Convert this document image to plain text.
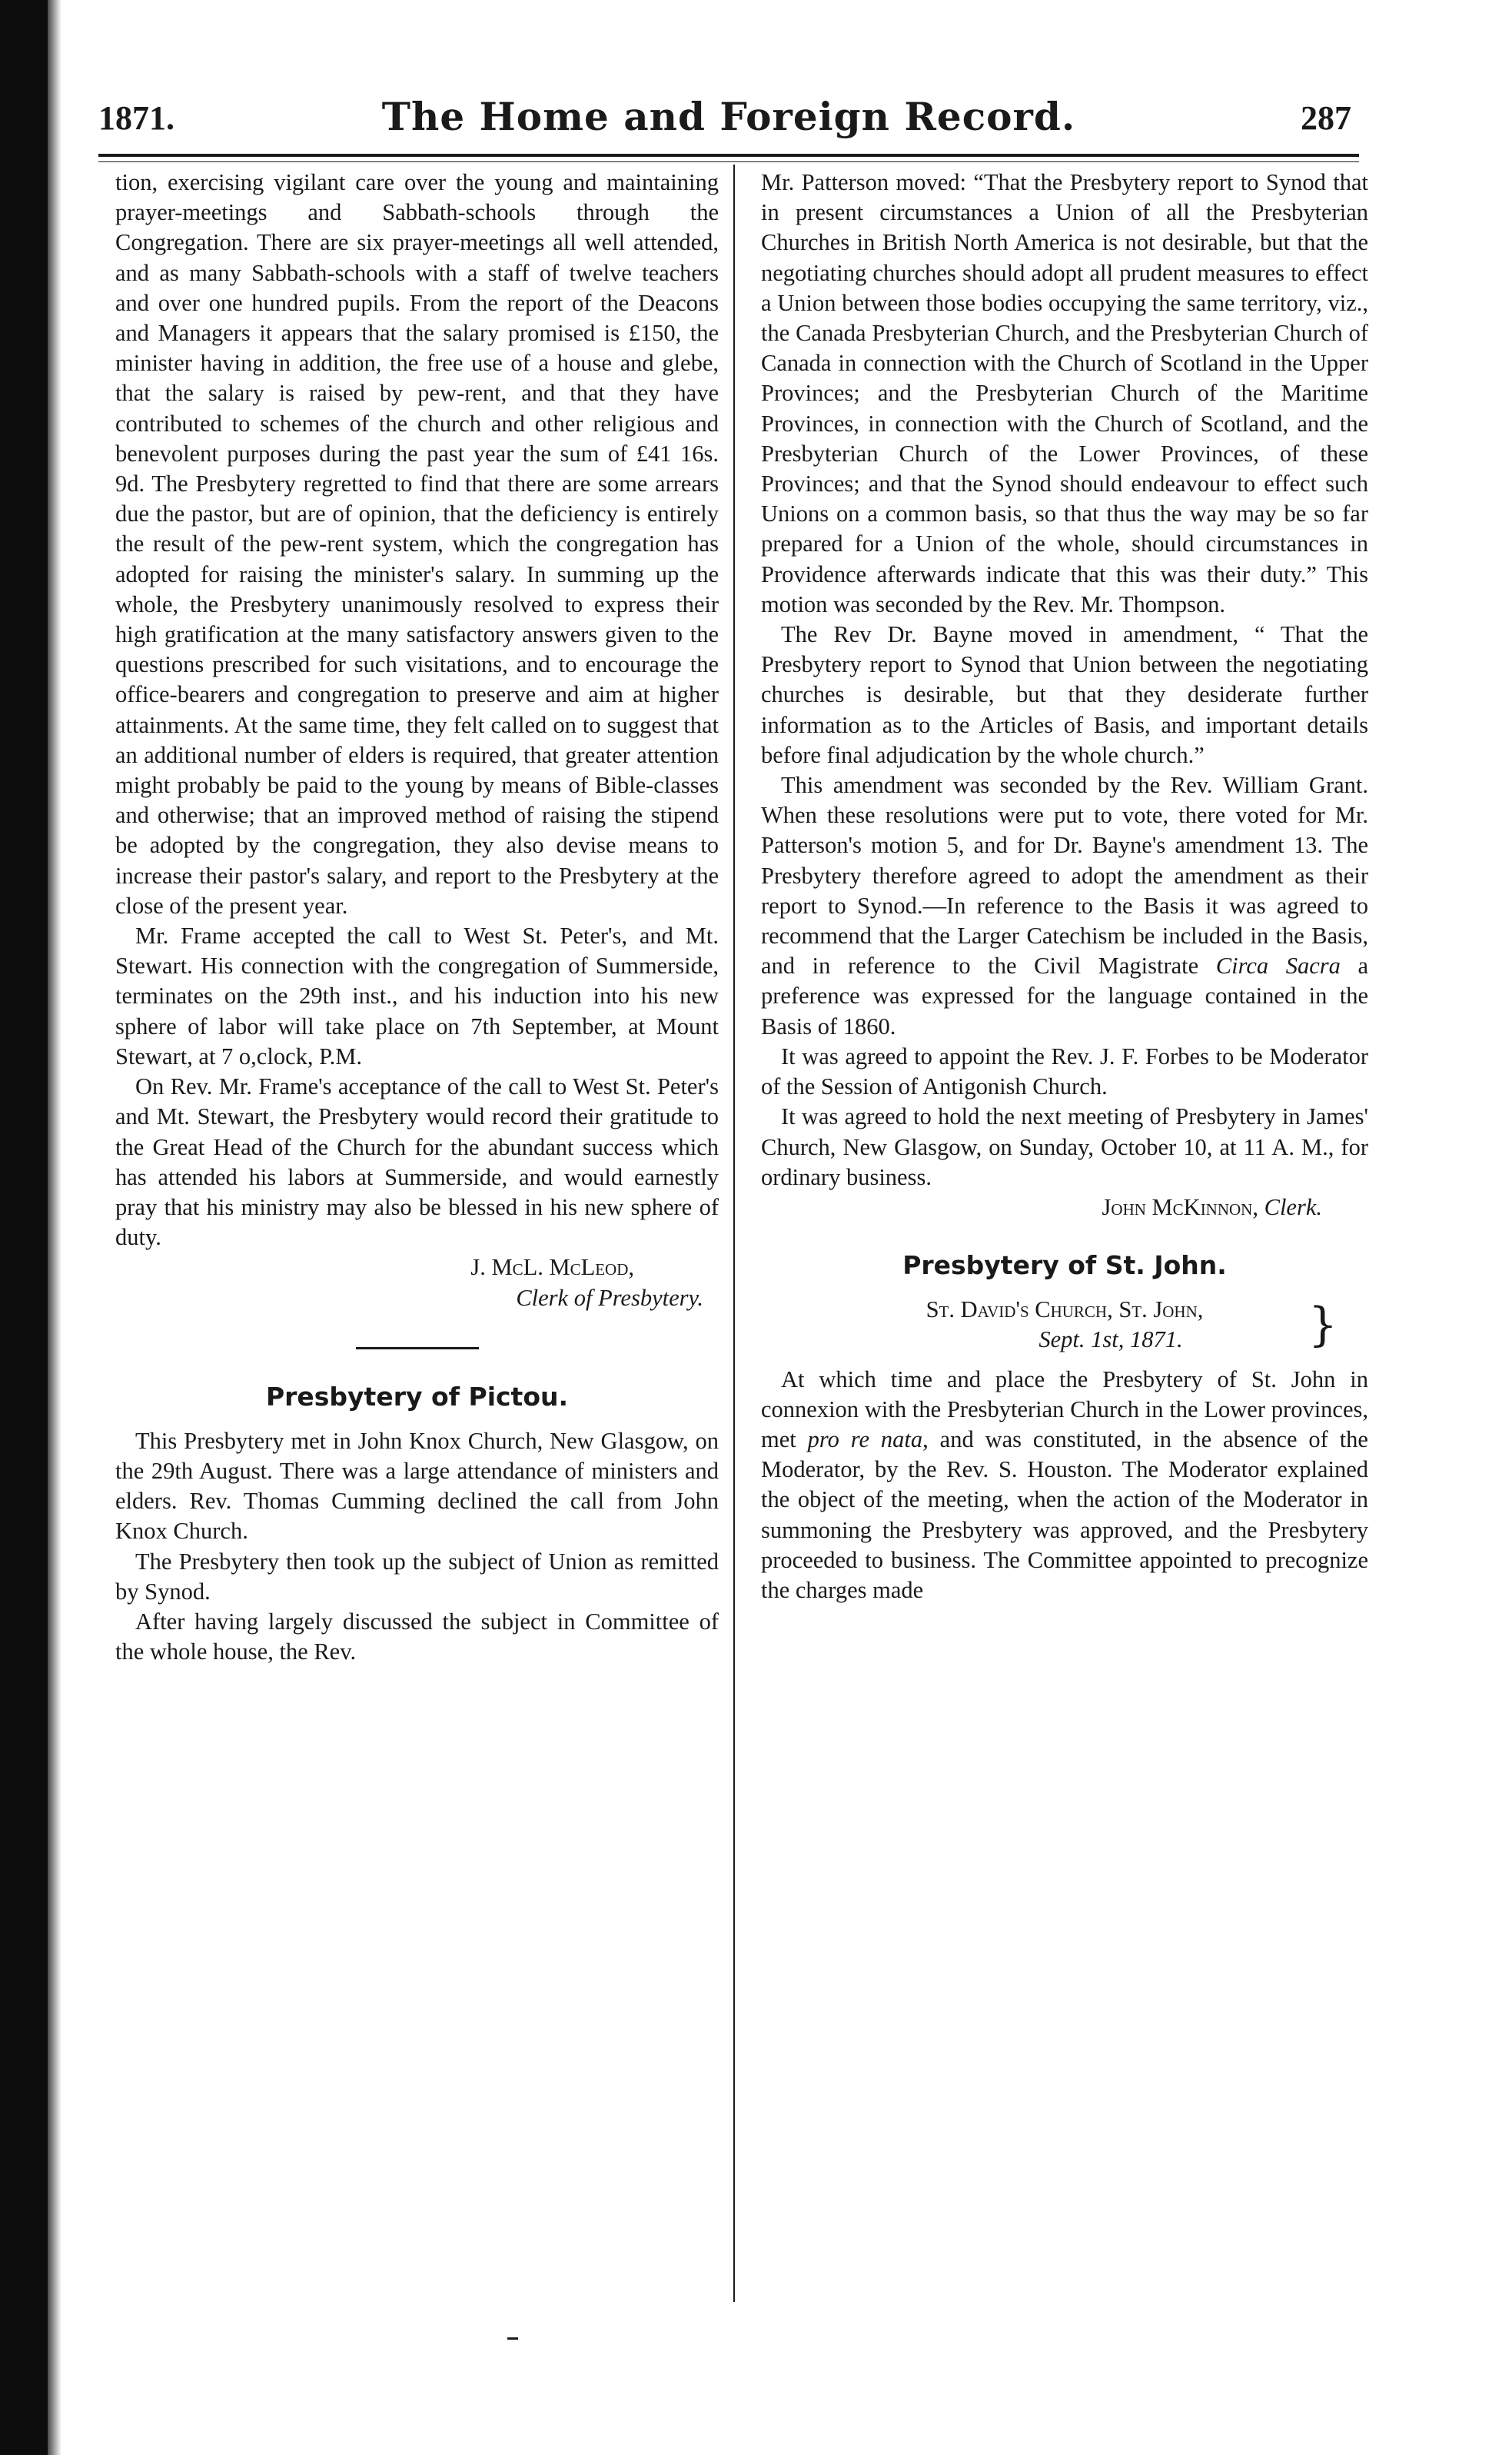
1871.	The Home and Foreign Record.	287

tion, exercising vigilant care over the young and maintaining prayer-meetings and Sabbath-schools through the Congregation. There are six prayer-meetings all well attended, and as many Sabbath-schools with a staff of twelve teachers and over one hundred pupils. From the report of the Deacons and Managers it appears that the salary promised is £150, the minister having in addition, the free use of a house and glebe, that the salary is raised by pew-rent, and that they have contributed to schemes of the church and other religious and benevolent purposes during the past year the sum of £41 16s. 9d. The Presbytery regretted to find that there are some arrears due the pastor, but are of opinion, that the deficiency is entirely the result of the pew-rent system, which the congregation has adopted for raising the minister's salary. In summing up the whole, the Presbytery unanimously resolved to express their high gratification at the many satisfactory answers given to the questions prescribed for such visitations, and to encourage the office-bearers and congregation to preserve and aim at higher attainments. At the same time, they felt called on to suggest that an additional number of elders is required, that greater attention might probably be paid to the young by means of Bible-classes and otherwise; that an improved method of raising the stipend be adopted by the congregation, they also devise means to increase their pastor's salary, and report to the Presbytery at the close of the present year.

Mr. Frame accepted the call to West St. Peter's, and Mt. Stewart. His connection with the congregation of Summerside, terminates on the 29th inst., and his induction into his new sphere of labor will take place on 7th September, at Mount Stewart, at 7 o,clock, P.M.

On Rev. Mr. Frame's acceptance of the call to West St. Peter's and Mt. Stewart, the Presbytery would record their gratitude to the Great Head of the Church for the abundant success which has attended his labors at Summerside, and would earnestly pray that his ministry may also be blessed in his new sphere of duty.

J. McL. McLeod,

Clerk of Presbytery.

Presbytery of Pictou.

This Presbytery met in John Knox Church, New Glasgow, on the 29th August. There was a large attendance of ministers and elders. Rev. Thomas Cumming declined the call from John Knox Church.

The Presbytery then took up the subject of Union as remitted by Synod.

After having largely discussed the subject in Committee of the whole house, the Rev.

Mr. Patterson moved: “That the Presbytery report to Synod that in present circumstances a Union of all the Presbyterian Churches in British North America is not desirable, but that the negotiating churches should adopt all prudent measures to effect a Union between those bodies occupying the same territory, viz., the Canada Presbyterian Church, and the Presbyterian Church of Canada in connection with the Church of Scotland in the Upper Provinces; and the Presbyterian Church of the Maritime Provinces, in connection with the Church of Scotland, and the Presbyterian Church of the Lower Provinces, of these Provinces; and that the Synod should endeavour to effect such Unions on a common basis, so that thus the way may be so far prepared for a Union of the whole, should circumstances in Providence afterwards indicate that this was their duty.” This motion was seconded by the Rev. Mr. Thompson.

The Rev Dr. Bayne moved in amendment, “ That the Presbytery report to Synod that Union between the negotiating churches is desirable, but that they desiderate further information as to the Articles of Basis, and important details before final adjudication by the whole church.”

This amendment was seconded by the Rev. William Grant. When these resolutions were put to vote, there voted for Mr. Patterson's motion 5, and for Dr. Bayne's amendment 13. The Presbytery therefore agreed to adopt the amendment as their report to Synod.—In reference to the Basis it was agreed to recommend that the Larger Catechism be included in the Basis, and in reference to the Civil Magistrate Circa Sacra a preference was expressed for the language contained in the Basis of 1860.

It was agreed to appoint the Rev. J. F. Forbes to be Moderator of the Session of Antigonish Church.

It was agreed to hold the next meeting of Presbytery in James' Church, New Glasgow, on Sunday, October 10, at 11 A. M., for ordinary business.

John McKinnon, Clerk.

Presbytery of St. John.
St. David's Church, St. John,
Sept. 1st, 1871.	}

At which time and place the Presbytery of St. John in connexion with the Presbyterian Church in the Lower provinces, met pro re nata, and was constituted, in the absence of the Moderator, by the Rev. S. Houston. The Moderator explained the object of the meeting, when the action of the Moderator in summoning the Presbytery was approved, and the Presbytery proceeded to business. The Committee appointed to precognize the charges made
